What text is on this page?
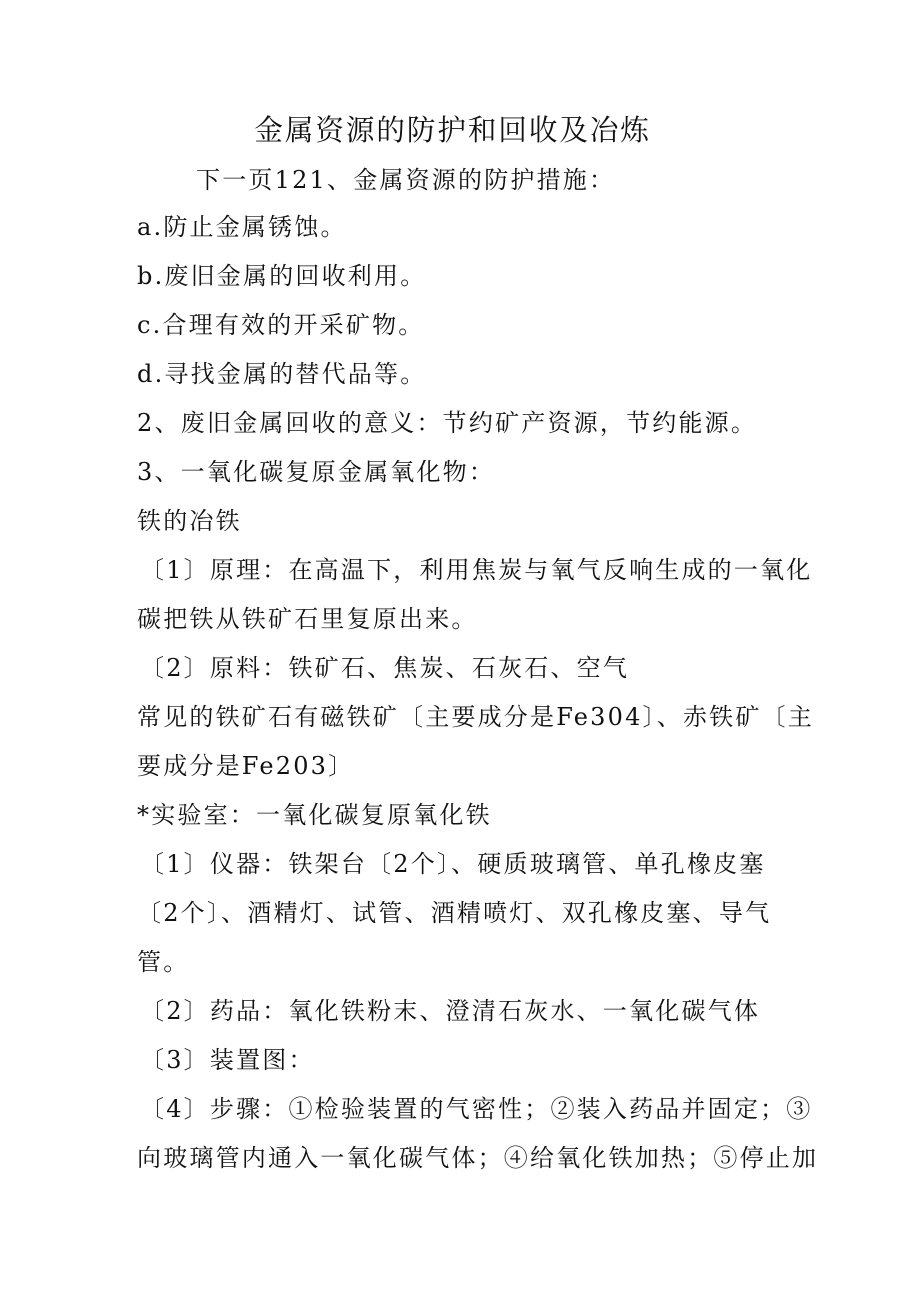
金属资源的防护和回收及冶炼
下一页121、金属资源的防护措施：
a.防止金属锈蚀。
b.废旧金属的回收利用。
c.合理有效的开采矿物。
d.寻找金属的替代品等。
2、废旧金属回收的意义：节约矿产资源，节约能源。
3、一氧化碳复原金属氧化物：
铁的冶铁
〔1〕原理：在高温下，利用焦炭与氧气反响生成的一氧化
碳把铁从铁矿石里复原出来。
〔2〕原料：铁矿石、焦炭、石灰石、空气
常见的铁矿石有磁铁矿〔主要成分是Fe304〕、赤铁矿〔主
要成分是Fe203〕
*实验室：一氧化碳复原氧化铁
〔1〕仪器：铁架台〔2个〕、硬质玻璃管、单孔橡皮塞
〔2个〕、酒精灯、试管、酒精喷灯、双孔橡皮塞、导气
管。
〔2〕药品：氧化铁粉末、澄清石灰水、一氧化碳气体
〔3〕装置图：
〔4〕步骤：①检验装置的气密性；②装入药品并固定；③
向玻璃管内通入一氧化碳气体；④给氧化铁加热；⑤停止加
